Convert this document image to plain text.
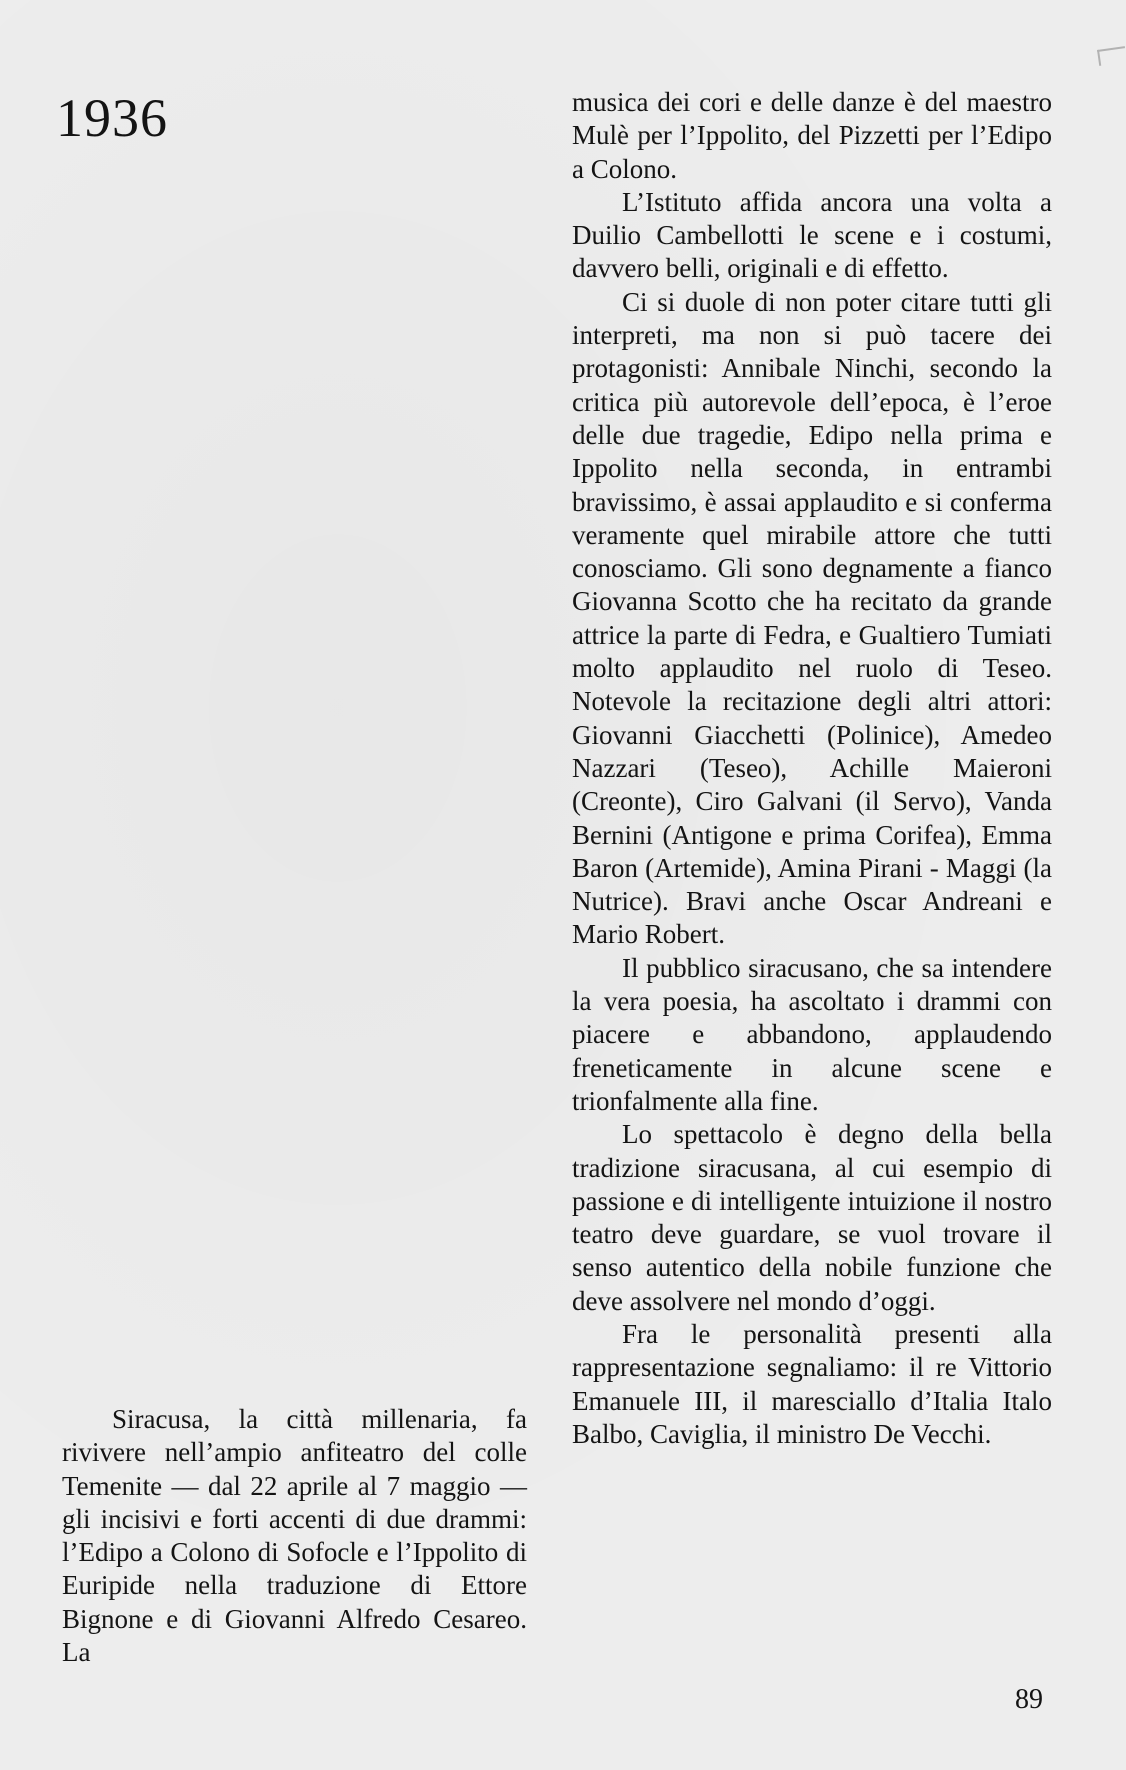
1936

Siracusa, la città millenaria, fa rivivere nell’ampio anfiteatro del colle Temenite — dal 22 aprile al 7 maggio — gli incisivi e forti accenti di due drammi: l’Edipo a Colono di Sofocle e l’Ippolito di Euripide nella traduzione di Ettore Bignone e di Giovanni Alfredo Cesareo. La

musica dei cori e delle danze è del maestro Mulè per l’Ippolito, del Pizzetti per l’Edipo a Colono.

L’Istituto affida ancora una volta a Duilio Cambellotti le scene e i costumi, davvero belli, originali e di effetto.

Ci si duole di non poter citare tutti gli interpreti, ma non si può tacere dei protagonisti: Annibale Ninchi, secondo la critica più autorevole dell’epoca, è l’eroe delle due tragedie, Edipo nella prima e Ippolito nella seconda, in entrambi bravissimo, è assai applaudito e si conferma veramente quel mirabile attore che tutti conosciamo. Gli sono degnamente a fianco Giovanna Scotto che ha recitato da grande attrice la parte di Fedra, e Gualtiero Tumiati molto applaudito nel ruolo di Teseo. Notevole la recitazione degli altri attori: Giovanni Giacchetti (Polinice), Amedeo Nazzari (Teseo), Achille Maieroni (Creonte), Ciro Galvani (il Servo), Vanda Bernini (Antigone e prima Corifea), Emma Baron (Artemide), Amina Pirani - Maggi (la Nutrice). Bravi anche Oscar Andreani e Mario Robert.

Il pubblico siracusano, che sa intendere la vera poesia, ha ascoltato i drammi con piacere e abbandono, applaudendo freneticamente in alcune scene e trionfalmente alla fine.

Lo spettacolo è degno della bella tradizione siracusana, al cui esempio di passione e di intelligente intuizione il nostro teatro deve guardare, se vuol trovare il senso autentico della nobile funzione che deve assolvere nel mondo d’oggi.

Fra le personalità presenti alla rappresentazione segnaliamo: il re Vittorio Emanuele III, il maresciallo d’Italia Italo Balbo, Caviglia, il ministro De Vecchi.

89
